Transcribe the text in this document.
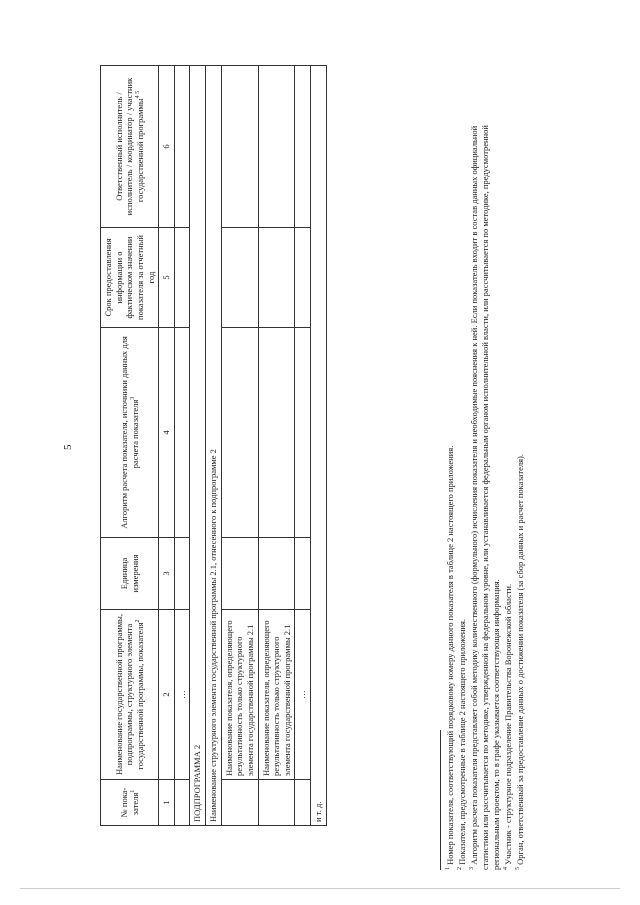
5
№ пока-зателя$^1$	Наименование государственной программы, подпрограммы, структурного элемента государственной программы, показателя$^2$	Единица измерения	Алгоритм расчета показателя, источники данных для расчета показателя$^3$	Срок предоставления информации о фактическом значении показателя за отчетный год	Ответственный исполнитель / исполнитель / координатор / участник государственной программы$^{4 5}$
1	2	3	4	5	6
	…				
ПОДПРОГРАММА 2					
Наименование структурного элемента государственной программы 2.1, отнесенного к подпрограмме 2					
	Наименование показателя, определяющего результативность только структурного элемента государственной программы 2.1				
	Наименование показателя, определяющего результативность только структурного элемента государственной программы 2.1				
	…				
и т. д.					

$^1$ Номер показателя, соответствующий порядковому номеру данного показателя в таблице 2 настоящего приложения.

$^2$ Показатели, предусмотренные в таблице 2 настоящего приложения.

$^3$ Алгоритм расчета показателя представляет собой методику количественного (формульного) исчисления показателя и необходимые пояснения к ней. Если показатель входит в состав данных официальной статистики или рассчитывается по методике, утвержденной на федеральном уровне, или устанавливается федеральным органом исполнительной власти, или рассчитывается по методике, предусмотренной региональным проектом, то в графе указывается соответствующая информация. $^4$ Участник - структурное подразделение Правительства Воронежской области.

$^5$ Орган, ответственный за предоставление данных о достижении показателя (за сбор данных и расчет показателя).
